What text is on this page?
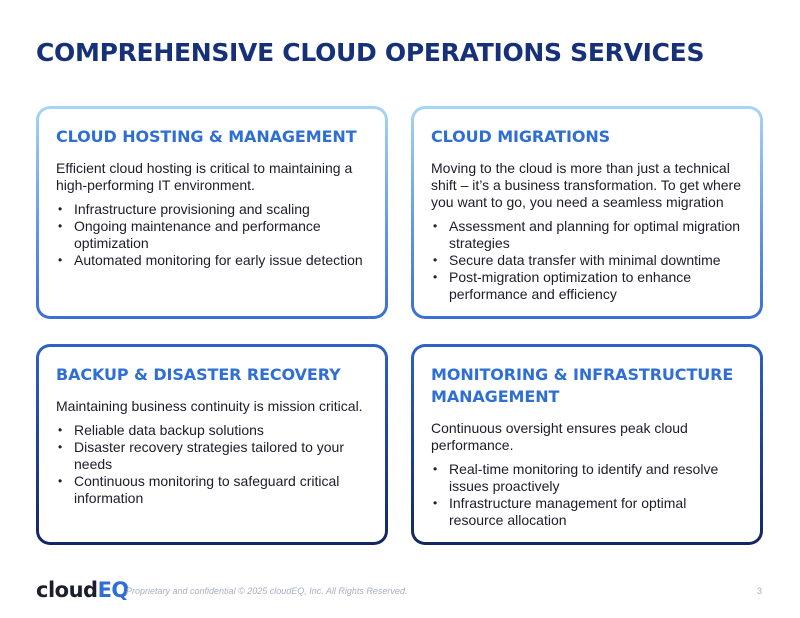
COMPREHENSIVE CLOUD OPERATIONS SERVICES
CLOUD HOSTING & MANAGEMENT

Efficient cloud hosting is critical to maintaining a high-performing IT environment.

• Infrastructure provisioning and scaling
• Ongoing maintenance and performance optimization
• Automated monitoring for early issue detection
CLOUD MIGRATIONS

Moving to the cloud is more than just a technical shift – it’s a business transformation. To get where you want to go, you need a seamless migration

• Assessment and planning for optimal migration strategies
• Secure data transfer with minimal downtime
• Post-migration optimization to enhance performance and efficiency
BACKUP & DISASTER RECOVERY

Maintaining business continuity is mission critical.

• Reliable data backup solutions
• Disaster recovery strategies tailored to your needs
• Continuous monitoring to safeguard critical information
MONITORING & INFRASTRUCTURE MANAGEMENT

Continuous oversight ensures peak cloud performance.

• Real-time monitoring to identify and resolve issues proactively
• Infrastructure management for optimal resource allocation
cloudEQ
Proprietary and confidential © 2025 cloudEQ, Inc. All Rights Reserved.	3
